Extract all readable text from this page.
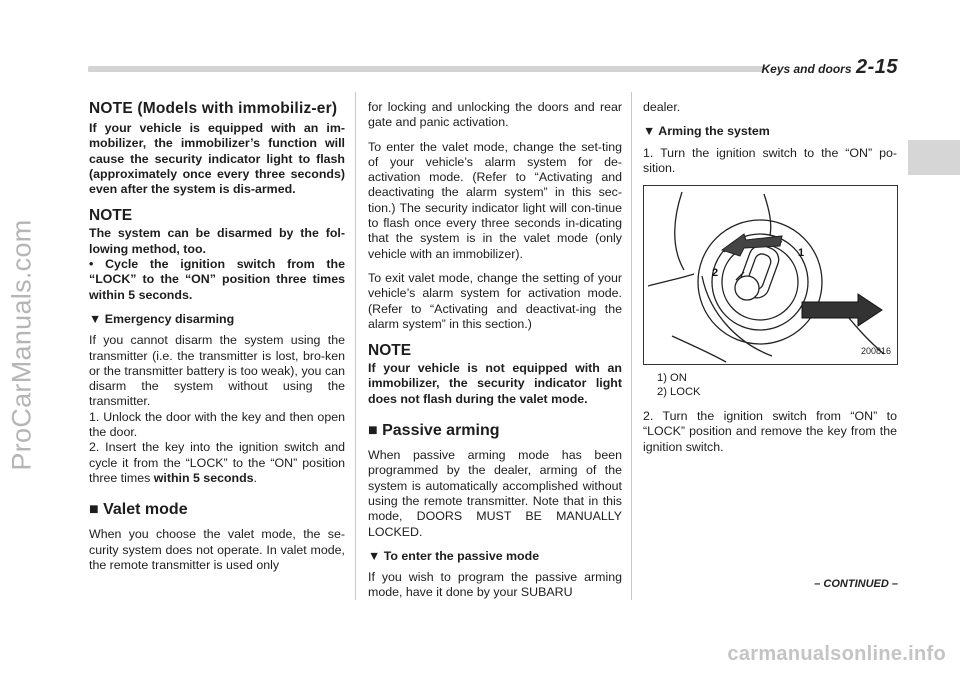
Keys and doors 2-15
ProCarManuals.com
NOTE (Models with immobiliz-er)

If your vehicle is equipped with an im-mobilizer, the immobilizer’s function will cause the security indicator light to flash (approximately once every three seconds) even after the system is dis-armed.

NOTE

The system can be disarmed by the fol-lowing method, too.

• Cycle the ignition switch from the “LOCK” to the “ON” position three times within 5 seconds.

▼ Emergency disarming

If you cannot disarm the system using the transmitter (i.e. the transmitter is lost, bro-ken or the transmitter battery is too weak), you can disarm the system without using the transmitter.

1. Unlock the door with the key and then open the door.

2. Insert the key into the ignition switch and cycle it from the “LOCK” to the “ON” position three times within 5 seconds.

■ Valet mode

When you choose the valet mode, the se-curity system does not operate. In valet mode, the remote transmitter is used only

for locking and unlocking the doors and rear gate and panic activation.

To enter the valet mode, change the set-ting of your vehicle’s alarm system for de-activation mode. (Refer to “Activating and deactivating the alarm system” in this sec-tion.) The security indicator light will con-tinue to flash once every three seconds in-dicating that the system is in the valet mode (only vehicle with an immobilizer).

To exit valet mode, change the setting of your vehicle’s alarm system for activation mode. (Refer to “Activating and deactivat-ing the alarm system” in this section.)

NOTE

If your vehicle is not equipped with an immobilizer, the security indicator light does not flash during the valet mode.

■ Passive arming

When passive arming mode has been programmed by the dealer, arming of the system is automatically accomplished without using the remote transmitter. Note that in this mode, DOORS MUST BE MANUALLY LOCKED.

▼ To enter the passive mode

If you wish to program the passive arming mode, have it done by your SUBARU

dealer.

▼ Arming the system

1. Turn the ignition switch to the “ON” po-sition.

1
2
200816
1) ON
2) LOCK

2. Turn the ignition switch from “ON” to “LOCK” position and remove the key from the ignition switch.

– CONTINUED –
carmanualsonline.info
